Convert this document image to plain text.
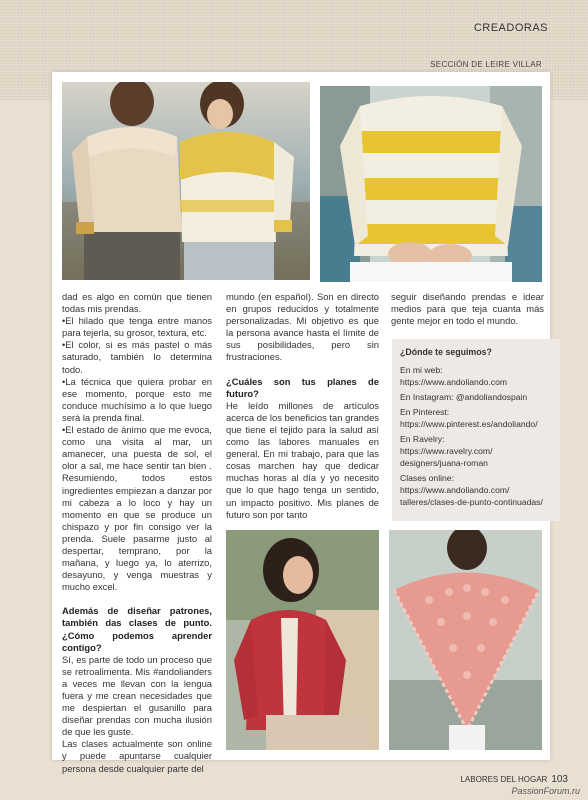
CREADORAS
SECCIÓN DE LEIRE VILLAR

dad es algo en común que tienen todas mis prendas.

•El hilado que tenga entre manos para tejerla, su grosor, textura, etc.

•El color, si es más pastel o más saturado, también lo determina todo.

•La técnica que quiera probar en ese momento, porque esto me conduce muchísimo a lo que luego será la prenda final.

•El estado de ánimo que me evoca, como una visita al mar, un amanecer, una puesta de sol, el olor a sal, me hace sentir tan bien . Resumiendo, todos estos ingredientes empiezan a danzar por mi cabeza a lo loco y hay un momento en que se produce un chispazo y por fin consigo ver la prenda. Suele pasarme justo al despertar, temprano, por la mañana, y luego ya, lo aterrizo, desayuno, y venga muestras y mucho excel.

Además de diseñar patrones, también das clases de punto. ¿Cómo podemos aprender contigo?

Sí, es parte de todo un proceso que se retroalimenta. Mis #andolianders a veces me llevan con la lengua fuera y me crean necesidades que me despiertan el gusanillo para diseñar prendas con mucha ilusión de que les guste.

Las clases actualmente son online y puede apuntarse cualquier persona desde cualquier parte del

mundo (en español). Son en directo en grupos reducidos y totalmente personalizadas. Mi objetivo es que la persona avance hasta el límite de sus posibilidades, pero sin frustraciones.

¿Cuáles son tus planes de futuro?

He leído millones de artículos acerca de los beneficios tan grandes que tiene el tejido para la salud así como las labores manuales en general. En mi trabajo, para que las cosas marchen hay que dedicar muchas horas al día y yo necesito que lo que hago tenga un sentido, un impacto positivo. Mis planes de futuro son por tanto

seguir diseñando prendas e idear medios para que teja cuanta más gente mejor en todo el mundo.

¿Dónde te seguimos?
En mi web:
https://www.andoliando.com
En Instagram: @andoliandospain
En Pinterest:
https://www.pinterest.es/andoliando/
En Ravelry:
https://www.ravelry.com/
designers/juana-roman
Clases online:
https://www.andoliando.com/
talleres/clases-de-punto-continuadas/
LABORES DEL HOGAR 103
PassionForum.ru
